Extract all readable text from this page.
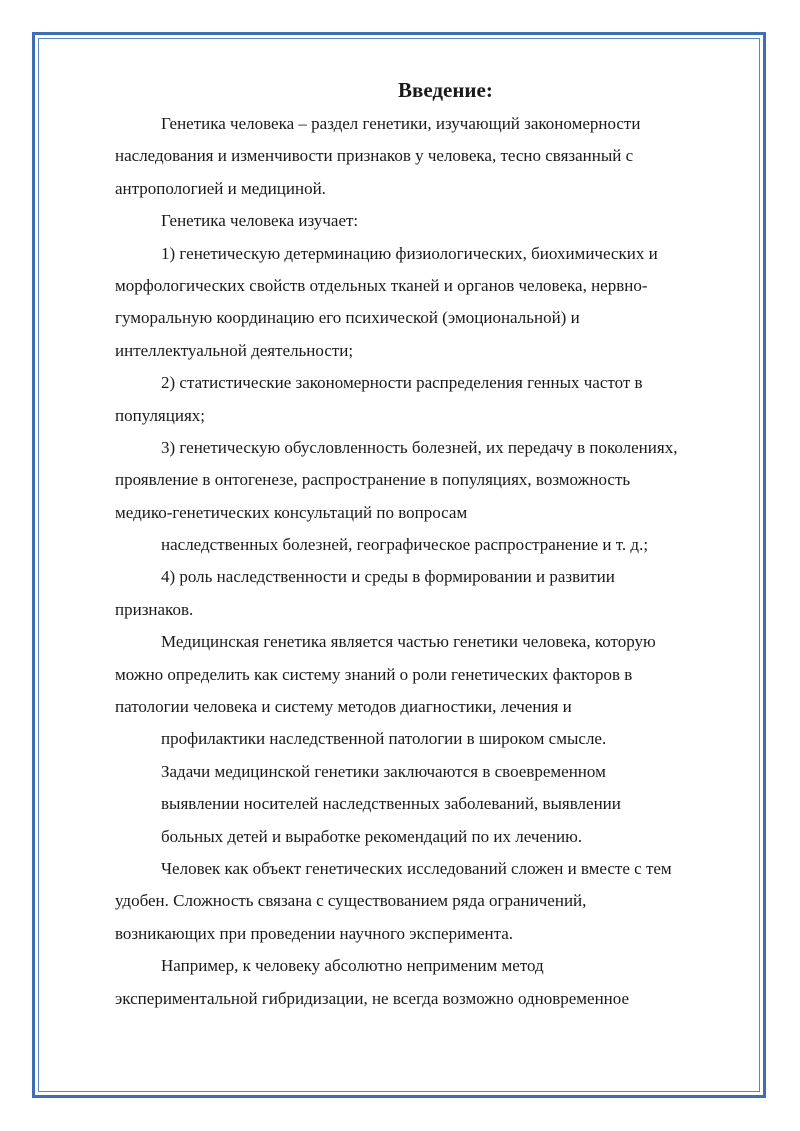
Введение:
Генетика человека – раздел генетики, изучающий закономерности
наследования и изменчивости признаков у человека, тесно связанный с
антропологией и медициной.
Генетика человека изучает:
1) генетическую детерминацию физиологических, биохимических и
морфологических свойств отдельных тканей и органов человека, нервно-
гуморальную координацию его психической (эмоциональной) и
интеллектуальной деятельности;
2) статистические закономерности распределения генных частот в
популяциях;
3) генетическую обусловленность болезней, их передачу в поколениях,
проявление в онтогенезе, распространение в популяциях, возможность
медико-генетических консультаций по вопросам
наследственных болезней, географическое распространение и т. д.;
4) роль наследственности и среды в формировании и развитии
признаков.
Медицинская генетика является частью генетики человека, которую
можно определить как систему знаний о роли генетических факторов в
патологии человека и систему методов диагностики, лечения и
профилактики наследственной патологии в широком смысле.
Задачи медицинской генетики заключаются в своевременном
выявлении носителей наследственных заболеваний, выявлении
больных детей и выработке рекомендаций по их лечению.
Человек как объект генетических исследований сложен и вместе с тем
удобен. Сложность связана с существованием ряда ограничений,
возникающих при проведении научного эксперимента.
Например, к человеку абсолютно неприменим метод
экспериментальной гибридизации, не всегда возможно одновременное
